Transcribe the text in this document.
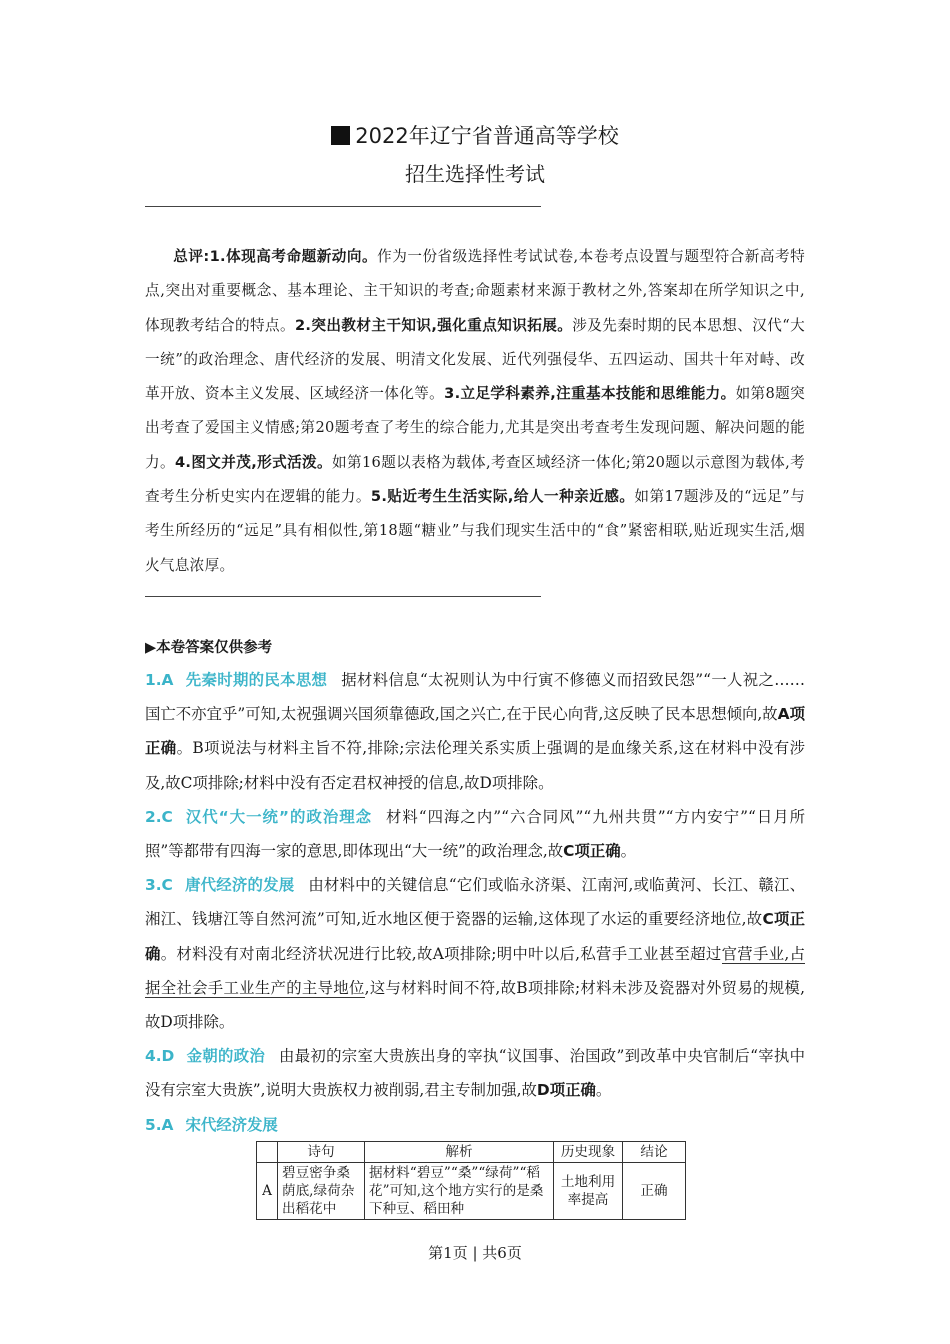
2022年辽宁省普通高等学校
招生选择性考试
总评:1.体现高考命题新动向。作为一份省级选择性考试试卷,本卷考点设置与题型符合新高考特点,突出对重要概念、基本理论、主干知识的考查;命题素材来源于教材之外,答案却在所学知识之中,体现教考结合的特点。2.突出教材主干知识,强化重点知识拓展。涉及先秦时期的民本思想、汉代“大一统”的政治理念、唐代经济的发展、明清文化发展、近代列强侵华、五四运动、国共十年对峙、改革开放、资本主义发展、区域经济一体化等。3.立足学科素养,注重基本技能和思维能力。如第8题突出考查了爱国主义情感;第20题考查了考生的综合能力,尤其是突出考查考生发现问题、解决问题的能力。4.图文并茂,形式活泼。如第16题以表格为载体,考查区域经济一体化;第20题以示意图为载体,考查考生分析史实内在逻辑的能力。5.贴近考生生活实际,给人一种亲近感。如第17题涉及的“远足”与考生所经历的“远足”具有相似性,第18题“糖业”与我们现实生活中的“食”紧密相联,贴近现实生活,烟火气息浓厚。
▶本卷答案仅供参考

1.A 先秦时期的民本思想 据材料信息“太祝则认为中行寅不修德义而招致民怨”“一人祝之……国亡不亦宜乎”可知,太祝强调兴国须靠德政,国之兴亡,在于民心向背,这反映了民本思想倾向,故A项正确。B项说法与材料主旨不符,排除;宗法伦理关系实质上强调的是血缘关系,这在材料中没有涉及,故C项排除;材料中没有否定君权神授的信息,故D项排除。

2.C 汉代“大一统”的政治理念 材料“四海之内”“六合同风”“九州共贯”“方内安宁”“日月所照”等都带有四海一家的意思,即体现出“大一统”的政治理念,故C项正确。

3.C 唐代经济的发展 由材料中的关键信息“它们或临永济渠、江南河,或临黄河、长江、赣江、湘江、钱塘江等自然河流”可知,近水地区便于瓷器的运输,这体现了水运的重要经济地位,故C项正确。材料没有对南北经济状况进行比较,故A项排除;明中叶以后,私营手工业甚至超过官营手业,占据全社会手工业生产的主导地位,这与材料时间不符,故B项排除;材料未涉及瓷器对外贸易的规模,故D项排除。

4.D 金朝的政治 由最初的宗室大贵族出身的宰执“议国事、治国政”到改革中央官制后“宰执中没有宗室大贵族”,说明大贵族权力被削弱,君主专制加强,故D项正确。

5.A 宋代经济发展

	诗句	解析	历史现象	结论
A	碧豆密争桑荫底,绿荷杂出稻花中	据材料“碧豆”“桑”“绿荷”“稻花”可知,这个地方实行的是桑下种豆、稻田种	土地利用率提高	正确
第1页 | 共6页
